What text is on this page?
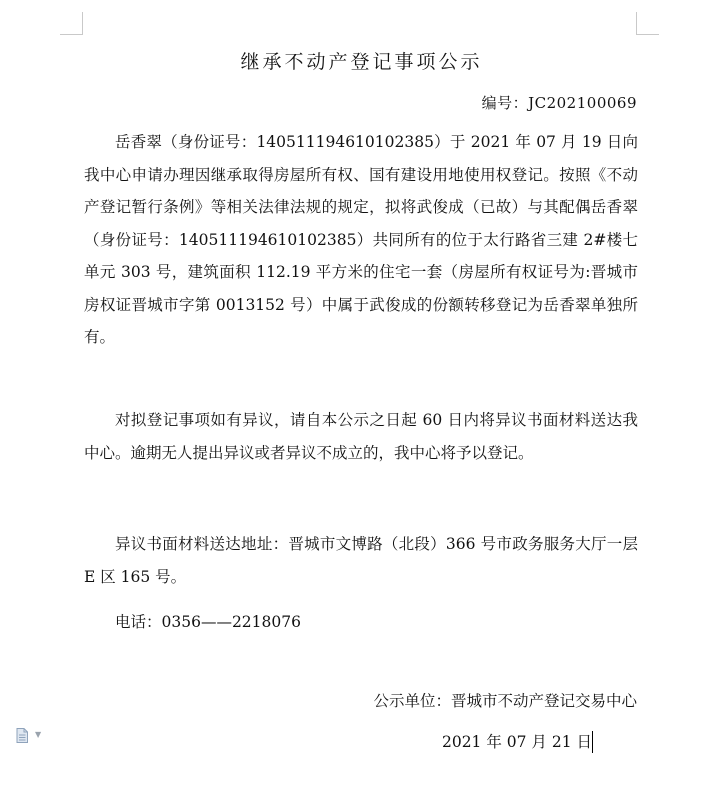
继承不动产登记事项公示
编号：JC202100069

岳香翠（身份证号：140511194610102385）于 2021 年 07 月 19 日向我中心申请办理因继承取得房屋所有权、国有建设用地使用权登记。按照《不动产登记暂行条例》等相关法律法规的规定，拟将武俊成（已故）与其配偶岳香翠（身份证号：140511194610102385）共同所有的位于太行路省三建 2#楼七单元 303 号，建筑面积 112.19 平方米的住宅一套（房屋所有权证号为:晋城市房权证晋城市字第 0013152 号）中属于武俊成的份额转移登记为岳香翠单独所有。

对拟登记事项如有异议，请自本公示之日起 60 日内将异议书面材料送达我中心。逾期无人提出异议或者异议不成立的，我中心将予以登记。

异议书面材料送达地址：晋城市文博路（北段）366 号市政务服务大厅一层 E 区 165 号。

电话：0356——2218076

公示单位：晋城市不动产登记交易中心
2021 年 07 月 21 日
▼
